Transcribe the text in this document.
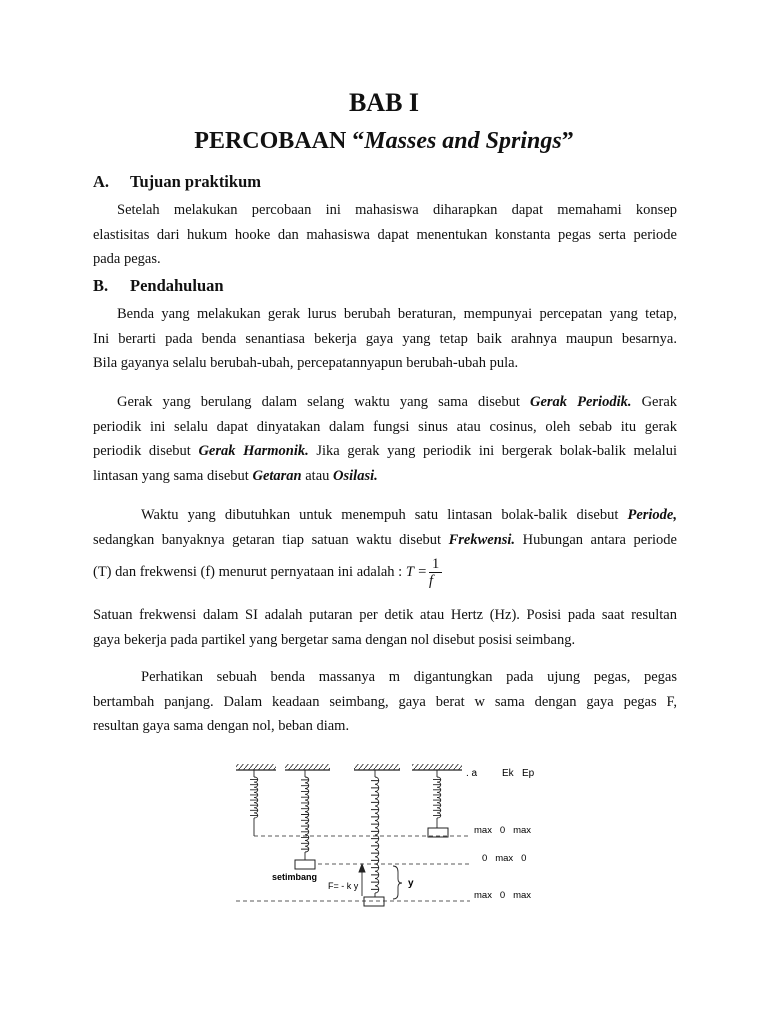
BAB I
PERCOBAAN “Masses and Springs”
A. Tujuan praktikum
Setelah melakukan percobaan ini mahasiswa diharapkan dapat memahami konsep
elastisitas dari hukum hooke dan mahasiswa dapat menentukan konstanta pegas serta periode
pada pegas.
B. Pendahuluan
Benda yang melakukan gerak lurus berubah beraturan, mempunyai percepatan yang tetap,
Ini berarti pada benda senantiasa bekerja gaya yang tetap baik arahnya maupun besarnya.
Bila gayanya selalu berubah-ubah, percepatannyapun berubah-ubah pula.
Gerak yang berulang dalam selang waktu yang sama disebut Gerak Periodik. Gerak
periodik ini selalu dapat dinyatakan dalam fungsi sinus atau cosinus, oleh sebab itu gerak
periodik disebut Gerak Harmonik. Jika gerak yang periodik ini bergerak bolak-balik melalui
lintasan yang sama disebut Getaran atau Osilasi.
Waktu yang dibutuhkan untuk menempuh satu lintasan bolak-balik disebut Periode,
sedangkan banyaknya getaran tiap satuan waktu disebut Frekwensi. Hubungan antara periode
(T) dan frekwensi (f) menurut pernyataan ini adalah : $T = \frac{1}{f}$
Satuan frekwensi dalam SI adalah putaran per detik atau Hertz (Hz). Posisi pada saat resultan
gaya bekerja pada partikel yang bergetar sama dengan nol disebut posisi seimbang.
Perhatikan sebuah benda massanya m digantungkan pada ujung pegas, pegas
bertambah panjang. Dalam keadaan seimbang, gaya berat w sama dengan gaya pegas F,
resultan gaya sama dengan nol, beban diam.
. a Ek Ep
max   0   max
0   max   0
max   0   max
setimbang
F= - k y	y
